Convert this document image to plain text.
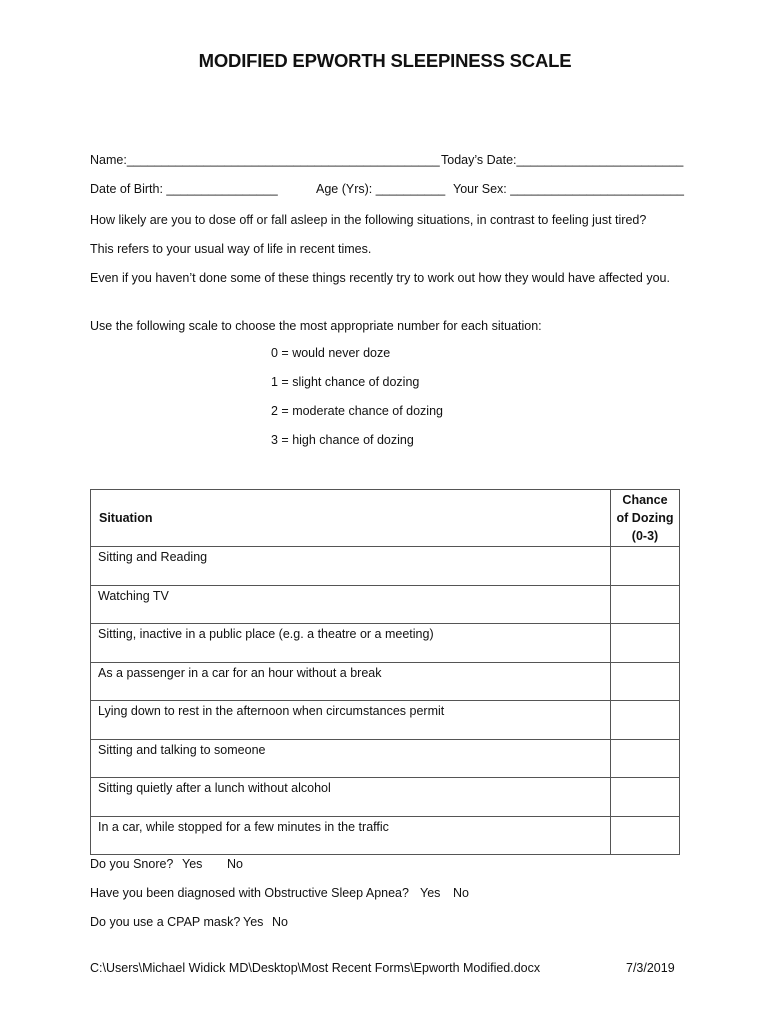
MODIFIED EPWORTH SLEEPINESS SCALE
Name:_____________________________________________ Today’s Date:________________________
Date of Birth: ________________	Age (Yrs): __________ Your Sex: _________________________
How likely are you to dose off or fall asleep in the following situations, in contrast to feeling just tired?
This refers to your usual way of life in recent times.
Even if you haven’t done some of these things recently try to work out how they would have affected you.
Use the following scale to choose the most appropriate number for each situation:
0 = would never doze
1 = slight chance of dozing
2 = moderate chance of dozing
3 = high chance of dozing
Situation	Chance
of Dozing
(0-3)

Sitting and Reading	
Watching TV	
Sitting, inactive in a public place (e.g. a theatre or a meeting)	
As a passenger in a car for an hour without a break	
Lying down to rest in the afternoon when circumstances permit	
Sitting and talking to someone	
Sitting quietly after a lunch without alcohol	
In a car, while stopped for a few minutes in the traffic	
Do you Snore? Yes No
Have you been diagnosed with Obstructive Sleep Apnea? Yes No
Do you use a CPAP mask? Yes No
C:\Users\Michael Widick MD\Desktop\Most Recent Forms\Epworth Modified.docx	7/3/2019
